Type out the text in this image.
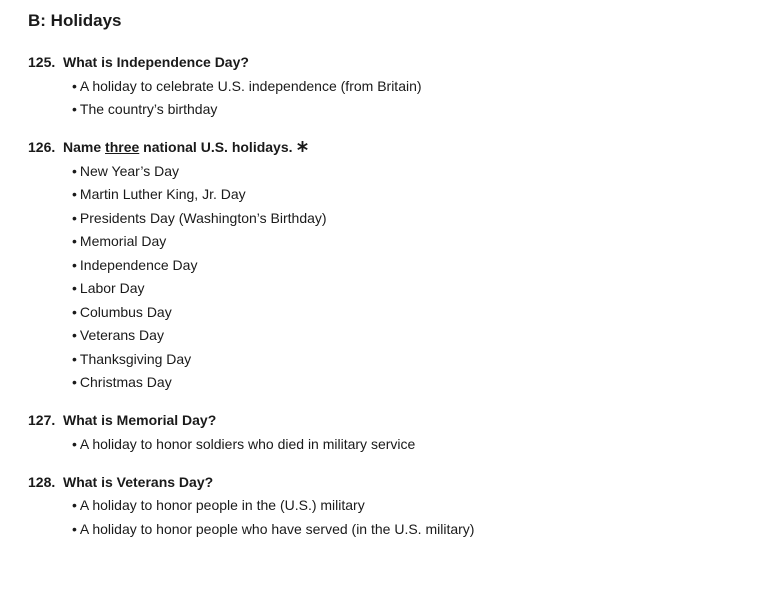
B: Holidays
125. What is Independence Day?
• A holiday to celebrate U.S. independence (from Britain)
• The country’s birthday
126. Name three national U.S. holidays.
• New Year’s Day
• Martin Luther King, Jr. Day
• Presidents Day (Washington’s Birthday)
• Memorial Day
• Independence Day
• Labor Day
• Columbus Day
• Veterans Day
• Thanksgiving Day
• Christmas Day
127. What is Memorial Day?
• A holiday to honor soldiers who died in military service
128. What is Veterans Day?
• A holiday to honor people in the (U.S.) military
• A holiday to honor people who have served (in the U.S. military)
